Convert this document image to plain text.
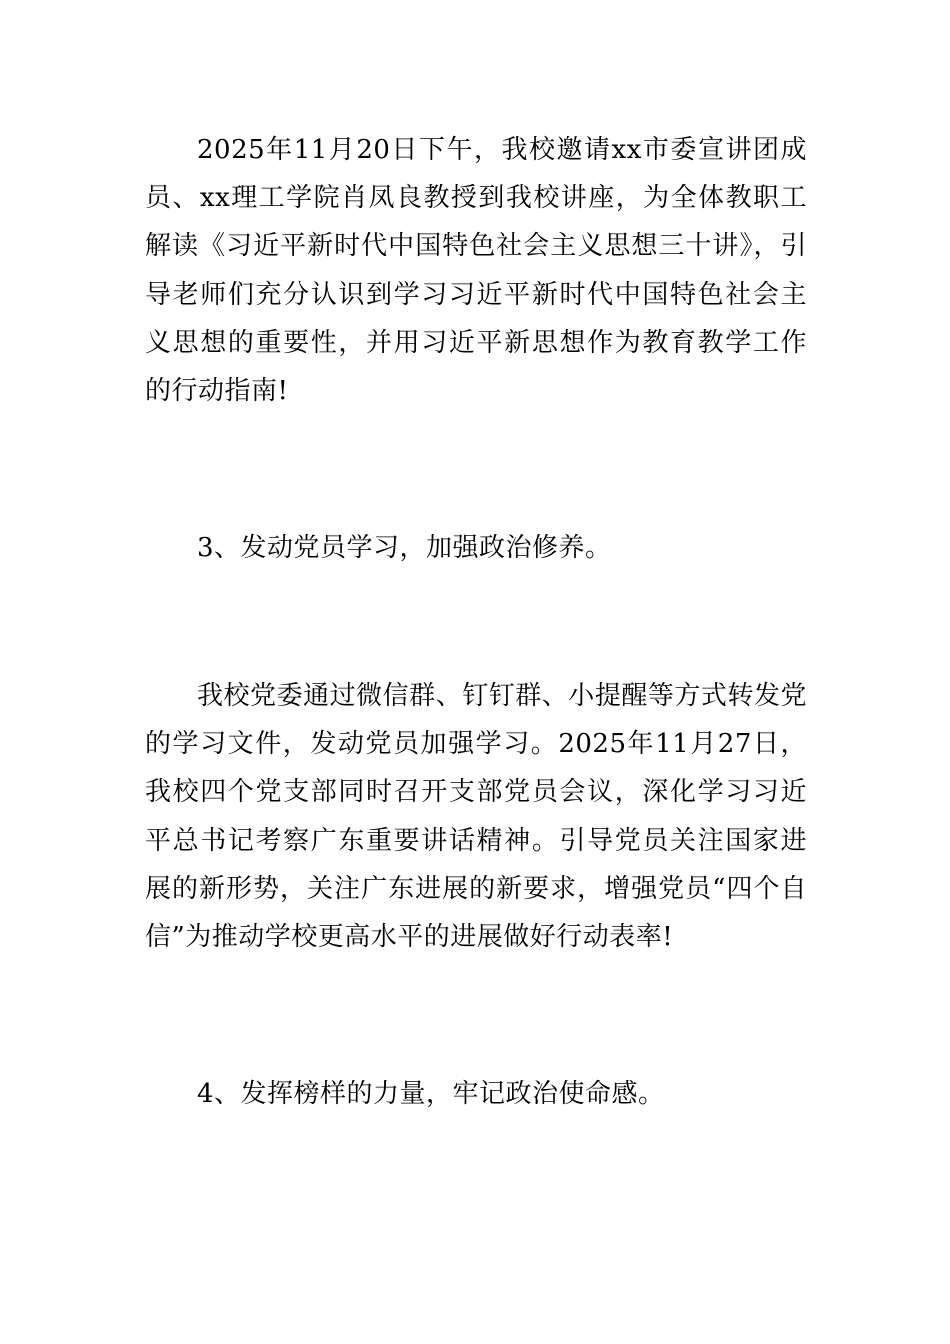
2025年11月20日下午，我校邀请xx市委宣讲团成员、xx理工学院肖凤良教授到我校讲座，为全体教职工解读《习近平新时代中国特色社会主义思想三十讲》，引导老师们充分认识到学习习近平新时代中国特色社会主义思想的重要性，并用习近平新思想作为教育教学工作的行动指南!

3、发动党员学习，加强政治修养。

我校党委通过微信群、钉钉群、小提醒等方式转发党的学习文件，发动党员加强学习。2025年11月27日，我校四个党支部同时召开支部党员会议，深化学习习近平总书记考察广东重要讲话精神。引导党员关注国家进展的新形势，关注广东进展的新要求，增强党员“四个自信”为推动学校更高水平的进展做好行动表率!

4、发挥榜样的力量，牢记政治使命感。
